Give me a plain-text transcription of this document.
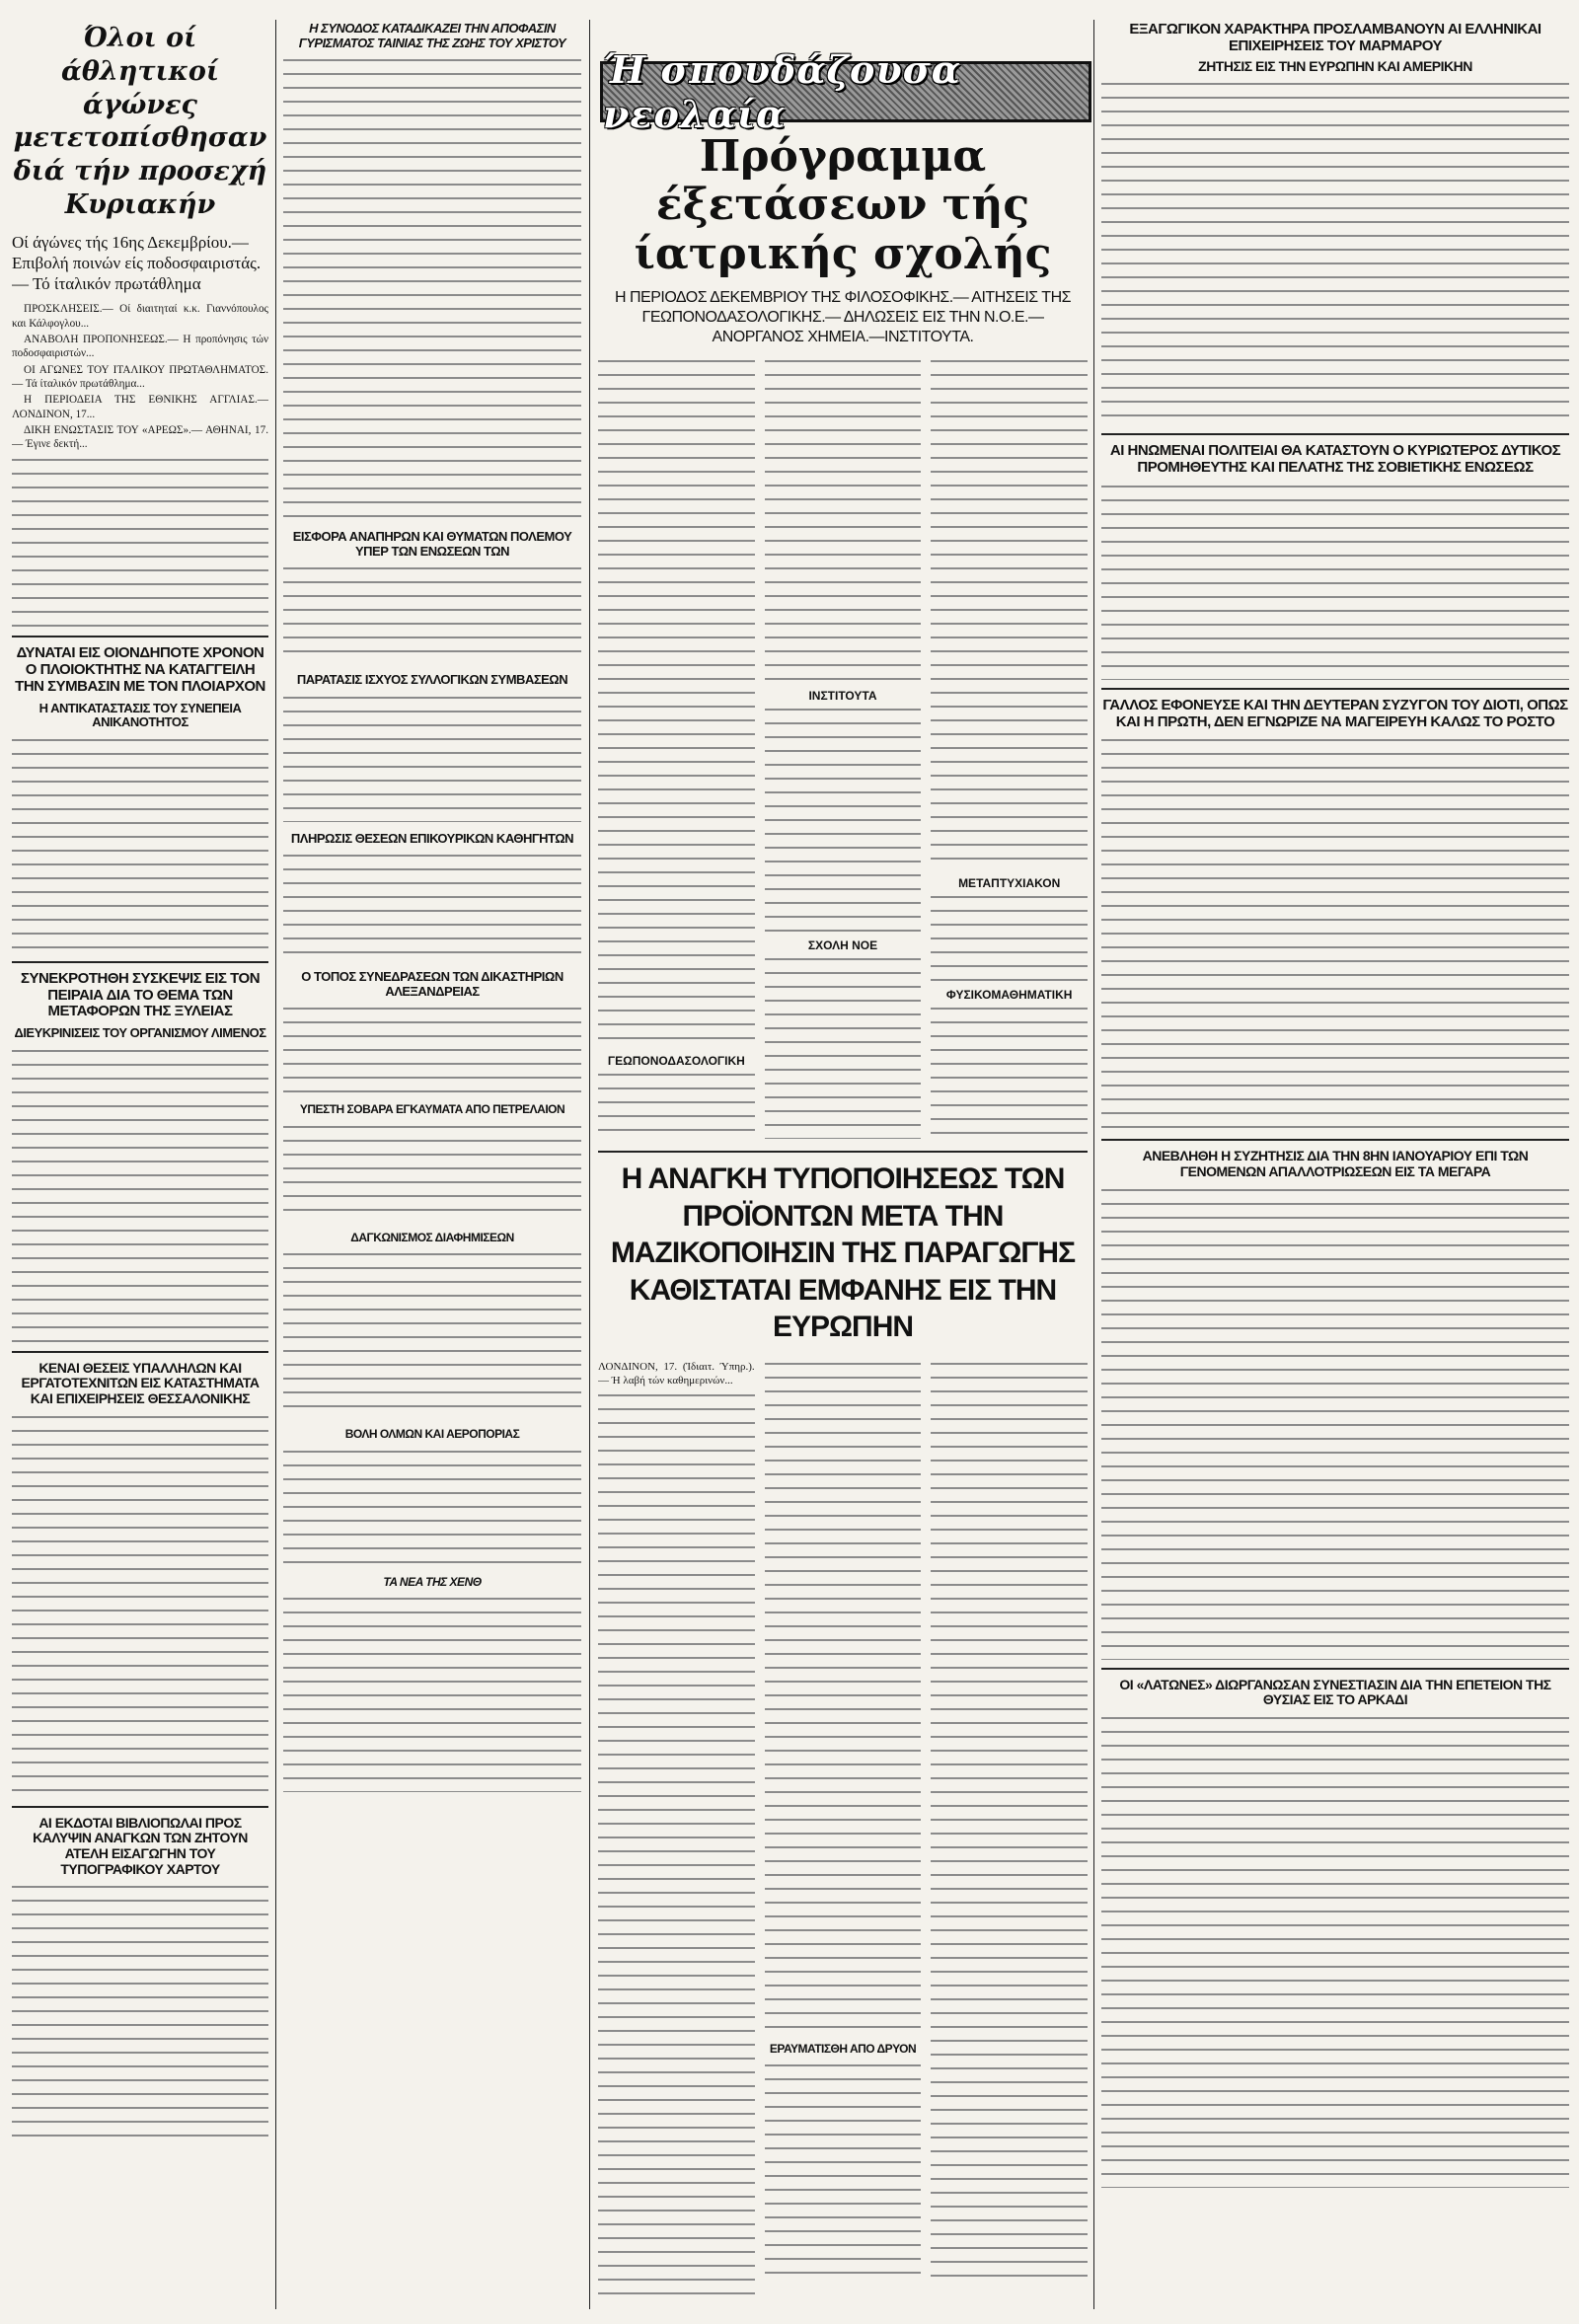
Όλοι οί άθλητικοί άγώνες μετετοπίσθησαν διά τήν προσεχή Κυριακήν

Οί άγώνες τής 16ης Δεκεμβρίου.— Επιβολή ποινών είς ποδοσφαιριστάς.— Τό ίταλικόν πρωτάθλημα

ΠΡΟΣΚΛΗΣΕΙΣ.— Οί διαιτηταί κ.κ. Γιαννόπουλος και Κάλφογλου...

ΑΝΑΒΟΛΗ ΠΡΟΠΟΝΗΣΕΩΣ.— Η προπόνησις τών ποδοσφαιριστών...

ΟΙ ΑΓΩΝΕΣ ΤΟΥ ΙΤΑΛΙΚΟΥ ΠΡΩΤΑΘΛΗΜΑΤΟΣ.— Τά ίταλικόν πρωτάθλημα...

Η ΠΕΡΙΟΔΕΙΑ ΤΗΣ ΕΘΝΙΚΗΣ ΑΓΓΛΙΑΣ.— ΛΟΝΔΙΝΟΝ, 17...

ΔΙΚΗ ΕΝΩΣΤΑΣΙΣ ΤΟΥ «ΑΡΕΩΣ».— ΑΘΗΝΑΙ, 17.— Έγινε δεκτή...

ΔΥΝΑΤΑΙ ΕΙΣ ΟΙΟΝΔΗΠΟΤΕ ΧΡΟΝΟΝ Ο ΠΛΟΙΟΚΤΗΤΗΣ ΝΑ ΚΑΤΑΓΓΕΙΛΗ ΤΗΝ ΣΥΜΒΑΣΙΝ ΜΕ ΤΟΝ ΠΛΟΙΑΡΧΟΝ
Η ΑΝΤΙΚΑΤΑΣΤΑΣΙΣ ΤΟΥ ΣΥΝΕΠΕΙΑ ΑΝΙΚΑΝΟΤΗΤΟΣ
ΣΥΝΕΚΡΟΤΗΘΗ ΣΥΣΚΕΨΙΣ ΕΙΣ ΤΟΝ ΠΕΙΡΑΙΑ ΔΙΑ ΤΟ ΘΕΜΑ ΤΩΝ ΜΕΤΑΦΟΡΩΝ ΤΗΣ ΞΥΛΕΙΑΣ
ΔΙΕΥΚΡΙΝΙΣΕΙΣ ΤΟΥ ΟΡΓΑΝΙΣΜΟΥ ΛΙΜΕΝΟΣ
ΚΕΝΑΙ ΘΕΣΕΙΣ ΥΠΑΛΛΗΛΩΝ ΚΑΙ ΕΡΓΑΤΟΤΕΧΝΙΤΩΝ ΕΙΣ ΚΑΤΑΣΤΗΜΑΤΑ ΚΑΙ ΕΠΙΧΕΙΡΗΣΕΙΣ ΘΕΣΣΑΛΟΝΙΚΗΣ
ΑΙ ΕΚΔΟΤΑΙ ΒΙΒΛΙΟΠΩΛΑΙ ΠΡΟΣ ΚΑΛΥΨΙΝ ΑΝΑΓΚΩΝ ΤΩΝ ΖΗΤΟΥΝ ΑΤΕΛΗ ΕΙΣΑΓΩΓΗΝ ΤΟΥ ΤΥΠΟΓΡΑΦΙΚΟΥ ΧΑΡΤΟΥ
Η ΣΥΝΟΔΟΣ ΚΑΤΑΔΙΚΑΖΕΙ ΤΗΝ ΑΠΟΦΑΣΙΝ ΓΥΡΙΣΜΑΤΟΣ ΤΑΙΝΙΑΣ ΤΗΣ ΖΩΗΣ ΤΟΥ ΧΡΙΣΤΟΥ
ΕΙΣΦΟΡΑ ΑΝΑΠΗΡΩΝ ΚΑΙ ΘΥΜΑΤΩΝ ΠΟΛΕΜΟΥ ΥΠΕΡ ΤΩΝ ΕΝΩΣΕΩΝ ΤΩΝ
ΠΑΡΑΤΑΣΙΣ ΙΣΧΥΟΣ ΣΥΛΛΟΓΙΚΩΝ ΣΥΜΒΑΣΕΩΝ
ΠΛΗΡΩΣΙΣ ΘΕΣΕΩΝ ΕΠΙΚΟΥΡΙΚΩΝ ΚΑΘΗΓΗΤΩΝ
Ο ΤΟΠΟΣ ΣΥΝΕΔΡΑΣΕΩΝ ΤΩΝ ΔΙΚΑΣΤΗΡΙΩΝ ΑΛΕΞΑΝΔΡΕΙΑΣ
ΥΠΕΣΤΗ ΣΟΒΑΡΑ ΕΓΚΑΥΜΑΤΑ ΑΠΟ ΠΕΤΡΕΛΑΙΟΝ
ΔΑΓΚΩΝΙΣΜΟΣ ΔΙΑΦΗΜΙΣΕΩΝ
ΒΟΛΗ ΟΛΜΩΝ ΚΑΙ ΑΕΡΟΠΟΡΙΑΣ
ΤΑ ΝΕΑ ΤΗΣ ΧΕΝΘ
Ή σπουδάζουσα νεολαία
Πρόγραμμα έξετάσεων τής ίατρικής σχολής

Η ΠΕΡΙΟΔΟΣ ΔΕΚΕΜΒΡΙΟΥ ΤΗΣ ΦΙΛΟΣΟΦΙΚΗΣ.— ΑΙΤΗΣΕΙΣ ΤΗΣ ΓΕΩΠΟΝΟΔΑΣΟΛΟΓΙΚΗΣ.— ΔΗΛΩΣΕΙΣ ΕΙΣ ΤΗΝ Ν.Ο.Ε.—ΑΝΟΡΓΑΝΟΣ ΧΗΜΕΙΑ.—ΙΝΣΤΙΤΟΥΤΑ.

ΓΕΩΠΟΝΟΔΑΣΟΛΟΓΙΚΗ
ΙΝΣΤΙΤΟΥΤΑ
ΣΧΟΛΗ ΝΟΕ
ΜΕΤΑΠΤΥΧΙΑΚΟΝ
ΦΥΣΙΚΟΜΑΘΗΜΑΤΙΚΗ
Η ΑΝΑΓΚΗ ΤΥΠΟΠΟΙΗΣΕΩΣ ΤΩΝ ΠΡΟΪΟΝΤΩΝ ΜΕΤΑ ΤΗΝ ΜΑΖΙΚΟΠΟΙΗΣΙΝ ΤΗΣ ΠΑΡΑΓΩΓΗΣ ΚΑΘΙΣΤΑΤΑΙ ΕΜΦΑΝΗΣ ΕΙΣ ΤΗΝ ΕΥΡΩΠΗΝ

ΛΟΝΔΙΝΟΝ, 17. (Ίδιαιτ. Ύπηρ.).— Ή λαβή τών καθημερινών...

ΕΡΑΥΜΑΤΙΣΘΗ ΑΠΟ ΔΡΥΟΝ
ΕΞΑΓΩΓΙΚΟΝ ΧΑΡΑΚΤΗΡΑ ΠΡΟΣΛΑΜΒΑΝΟΥΝ ΑΙ ΕΛΛΗΝΙΚΑΙ ΕΠΙΧΕΙΡΗΣΕΙΣ ΤΟΥ ΜΑΡΜΑΡΟΥ
ΖΗΤΗΣΙΣ ΕΙΣ ΤΗΝ ΕΥΡΩΠΗΝ ΚΑΙ ΑΜΕΡΙΚΗΝ
ΑΙ ΗΝΩΜΕΝΑΙ ΠΟΛΙΤΕΙΑΙ ΘΑ ΚΑΤΑΣΤΟΥΝ Ο ΚΥΡΙΩΤΕΡΟΣ ΔΥΤΙΚΟΣ ΠΡΟΜΗΘΕΥΤΗΣ ΚΑΙ ΠΕΛΑΤΗΣ ΤΗΣ ΣΟΒΙΕΤΙΚΗΣ ΕΝΩΣΕΩΣ
ΓΑΛΛΟΣ ΕΦΟΝΕΥΣΕ ΚΑΙ ΤΗΝ ΔΕΥΤΕΡΑΝ ΣΥΖΥΓΟΝ ΤΟΥ ΔΙΟΤΙ, ΟΠΩΣ ΚΑΙ Η ΠΡΩΤΗ, ΔΕΝ ΕΓΝΩΡΙΖΕ ΝΑ ΜΑΓΕΙΡΕΥΗ ΚΑΛΩΣ ΤΟ ΡΟΣΤΟ
ΑΝΕΒΛΗΘΗ Η ΣΥΖΗΤΗΣΙΣ ΔΙΑ ΤΗΝ 8ΗΝ ΙΑΝΟΥΑΡΙΟΥ ΕΠΙ ΤΩΝ ΓΕΝΟΜΕΝΩΝ ΑΠΑΛΛΟΤΡΙΩΣΕΩΝ ΕΙΣ ΤΑ ΜΕΓΑΡΑ
ΟΙ «ΛΑΤΩΝΕΣ» ΔΙΩΡΓΑΝΩΣΑΝ ΣΥΝΕΣΤΙΑΣΙΝ ΔΙΑ ΤΗΝ ΕΠΕΤΕΙΟΝ ΤΗΣ ΘΥΣΙΑΣ ΕΙΣ ΤΟ ΑΡΚΑΔΙ
